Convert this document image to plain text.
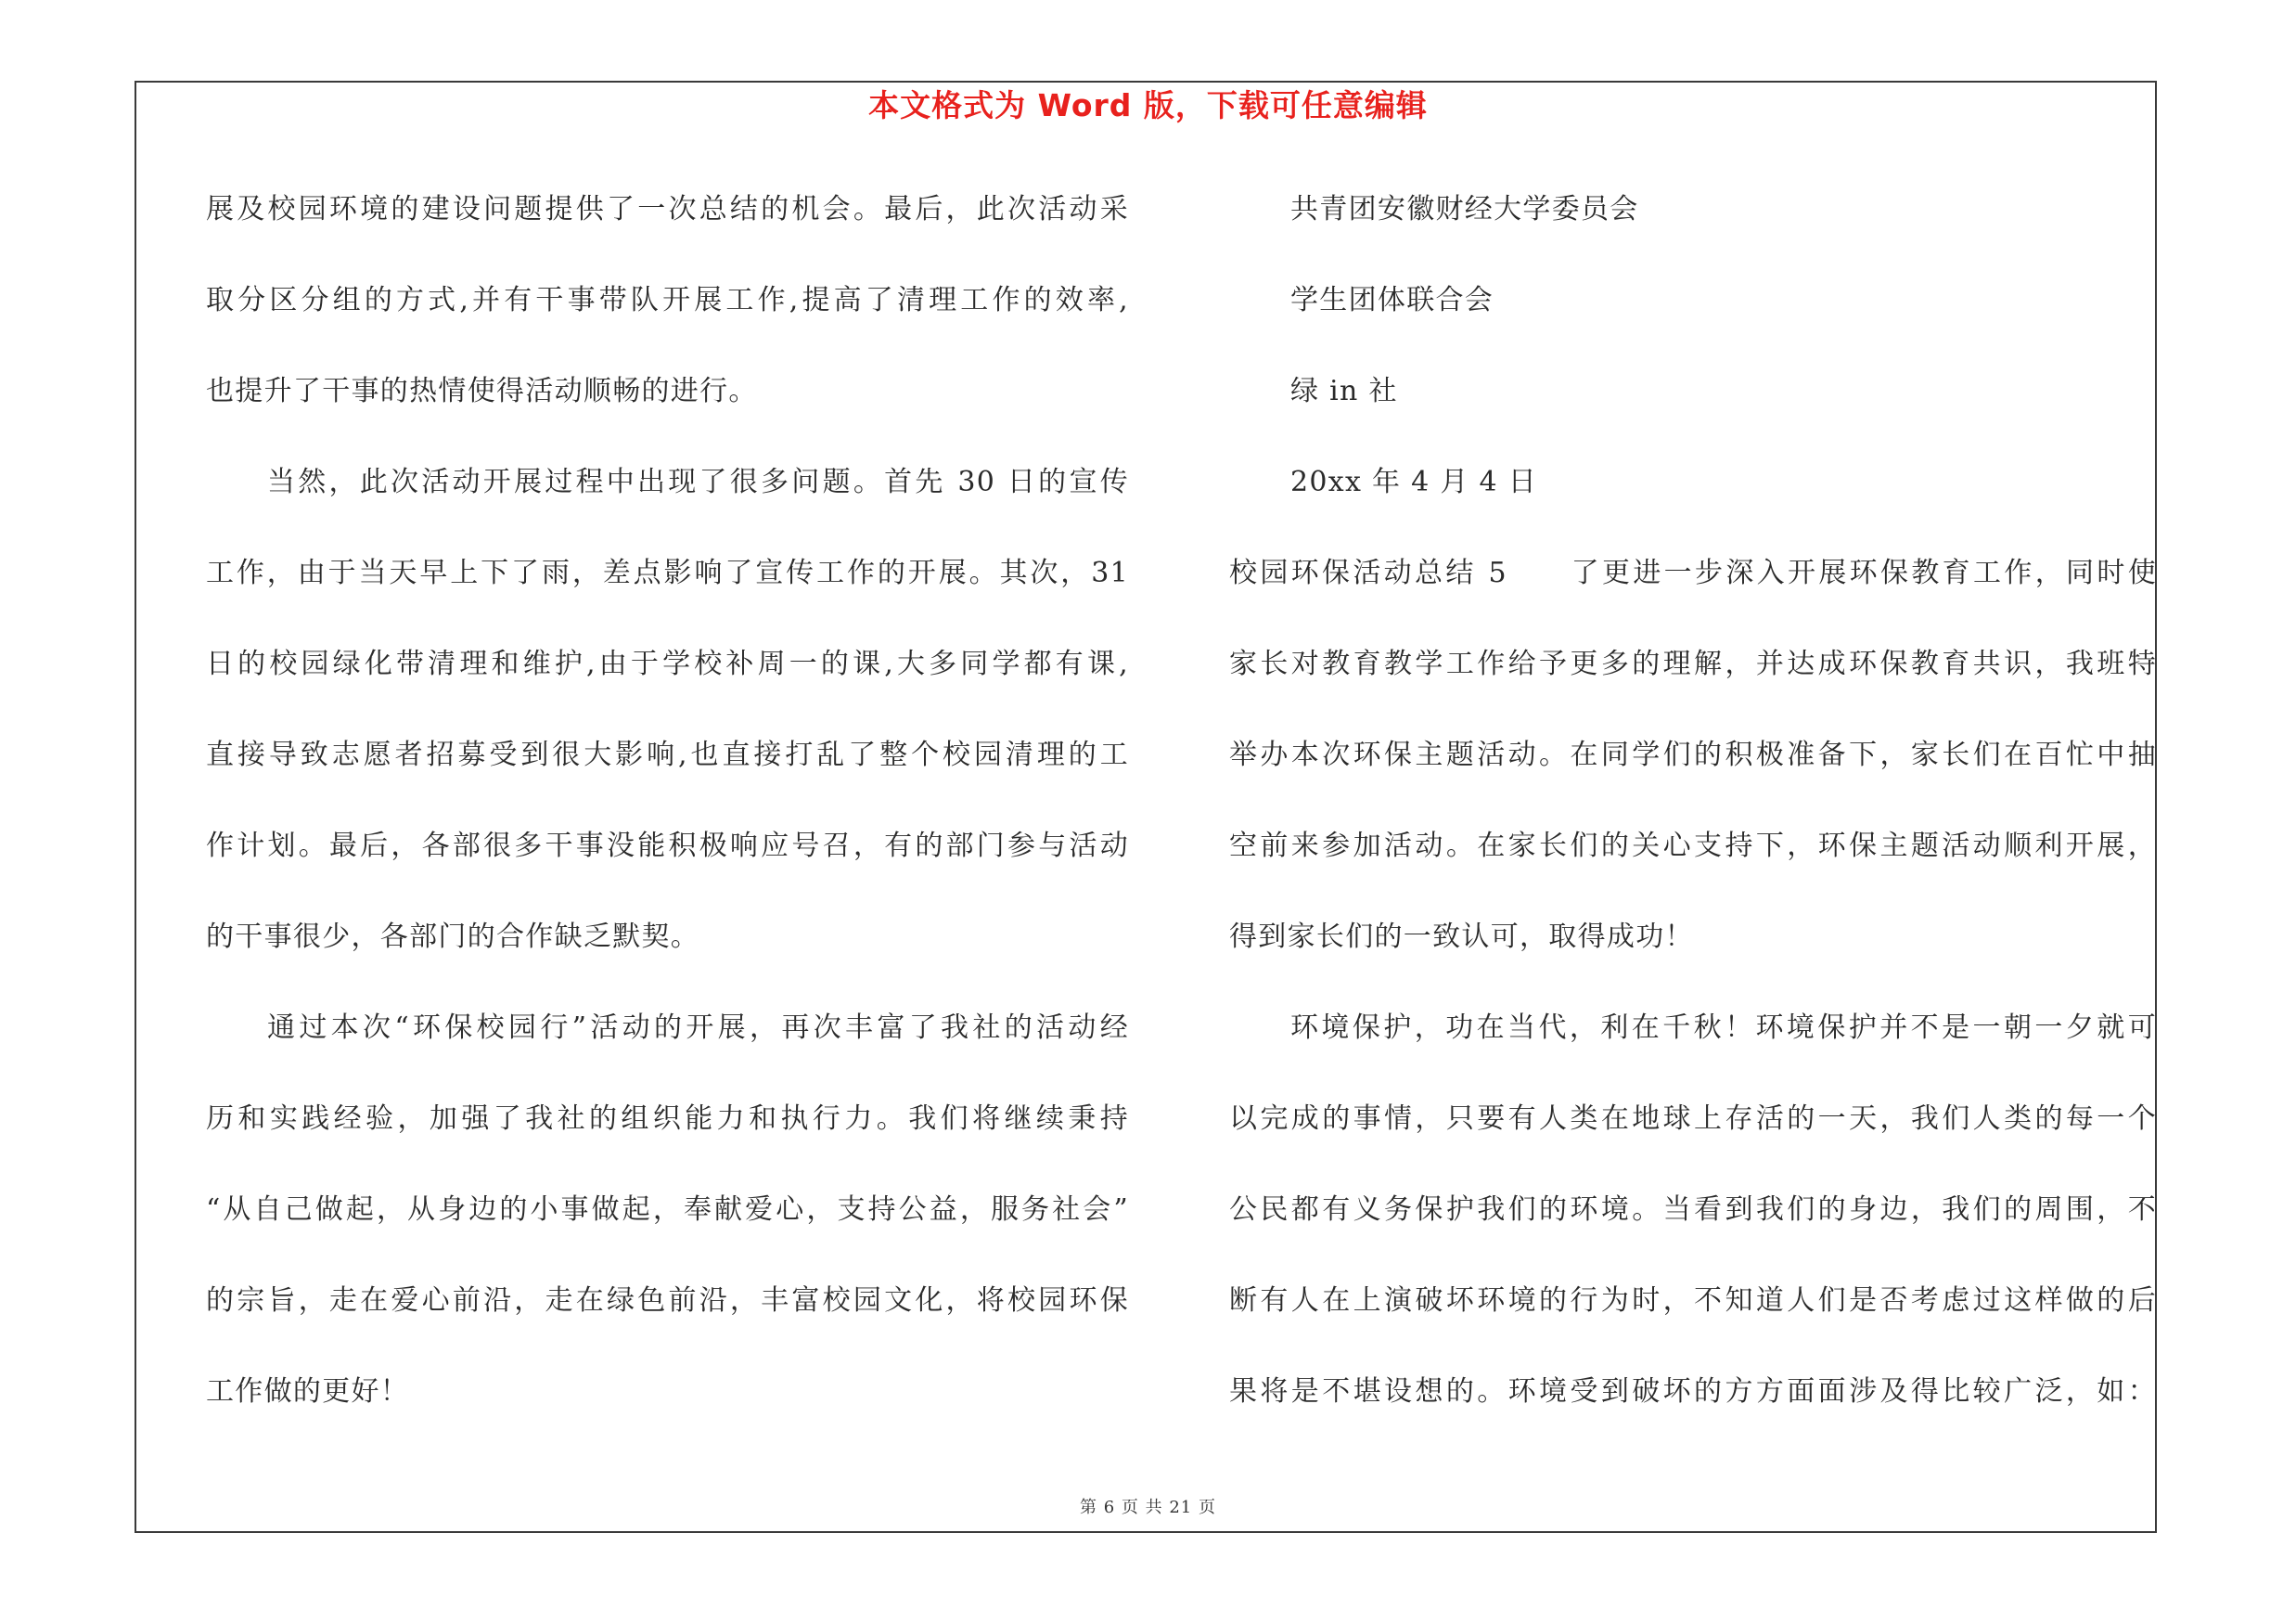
本文格式为 Word 版，下载可任意编辑
展及校园环境的建设问题提供了一次总结的机会。最后，此次活动采
取分区分组的方式,并有干事带队开展工作,提高了清理工作的效率,
也提升了干事的热情使得活动顺畅的进行。
当然，此次活动开展过程中出现了很多问题。首先 30 日的宣传
工作，由于当天早上下了雨，差点影响了宣传工作的开展。其次，31
日的校园绿化带清理和维护,由于学校补周一的课,大多同学都有课,
直接导致志愿者招募受到很大影响,也直接打乱了整个校园清理的工
作计划。最后，各部很多干事没能积极响应号召，有的部门参与活动
的干事很少，各部门的合作缺乏默契。
通过本次“环保校园行”活动的开展，再次丰富了我社的活动经
历和实践经验，加强了我社的组织能力和执行力。我们将继续秉持
“从自己做起，从身边的小事做起，奉献爱心，支持公益，服务社会”
的宗旨，走在爱心前沿，走在绿色前沿，丰富校园文化，将校园环保
工作做的更好！
共青团安徽财经大学委员会
学生团体联合会
绿 in 社
20xx 年 4 月 4 日
校园环保活动总结 5　　了更进一步深入开展环保教育工作，同时使
家长对教育教学工作给予更多的理解，并达成环保教育共识，我班特
举办本次环保主题活动。在同学们的积极准备下，家长们在百忙中抽
空前来参加活动。在家长们的关心支持下，环保主题活动顺利开展，
得到家长们的一致认可，取得成功！
环境保护，功在当代，利在千秋！环境保护并不是一朝一夕就可
以完成的事情，只要有人类在地球上存活的一天，我们人类的每一个
公民都有义务保护我们的环境。当看到我们的身边，我们的周围，不
断有人在上演破坏环境的行为时，不知道人们是否考虑过这样做的后
果将是不堪设想的。环境受到破坏的方方面面涉及得比较广泛，如：
第 6 页 共 21 页
